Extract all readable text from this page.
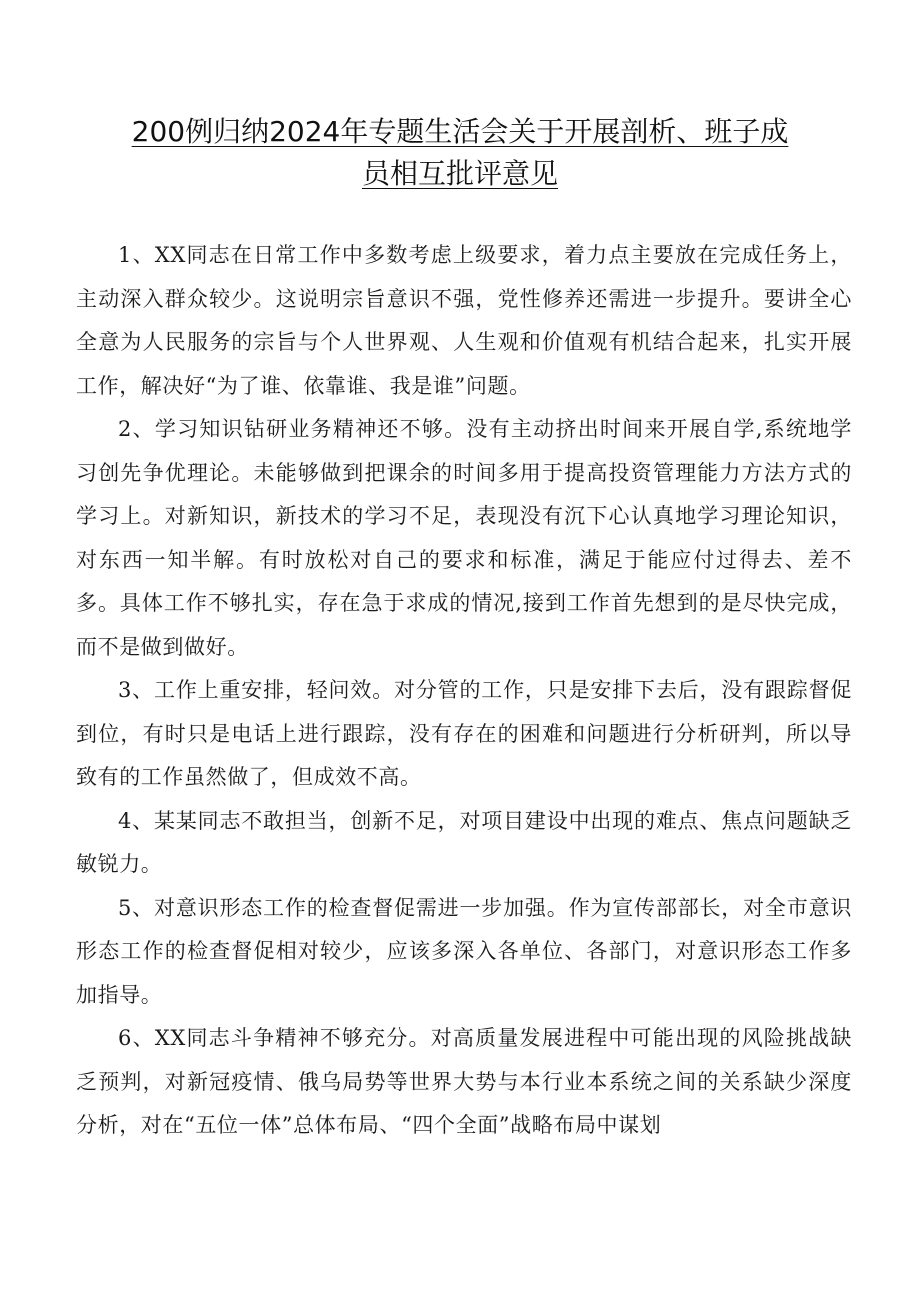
200例归纳2024年专题生活会关于开展剖析、班子成
员相互批评意见

1、XX同志在日常工作中多数考虑上级要求，着力点主要放在完成任务上，主动深入群众较少。这说明宗旨意识不强，党性修养还需进一步提升。要讲全心全意为人民服务的宗旨与个人世界观、人生观和价值观有机结合起来，扎实开展工作，解决好“为了谁、依靠谁、我是谁”问题。

2、学习知识钻研业务精神还不够。没有主动挤出时间来开展自学,系统地学习创先争优理论。未能够做到把课余的时间多用于提高投资管理能力方法方式的学习上。对新知识，新技术的学习不足，表现没有沉下心认真地学习理论知识，对东西一知半解。有时放松对自己的要求和标准，满足于能应付过得去、差不多。具体工作不够扎实，存在急于求成的情况,接到工作首先想到的是尽快完成，而不是做到做好。

3、工作上重安排，轻问效。对分管的工作，只是安排下去后，没有跟踪督促到位，有时只是电话上进行跟踪，没有存在的困难和问题进行分析研判，所以导致有的工作虽然做了，但成效不高。

4、某某同志不敢担当，创新不足，对项目建设中出现的难点、焦点问题缺乏敏锐力。

5、对意识形态工作的检查督促需进一步加强。作为宣传部部长，对全市意识形态工作的检查督促相对较少，应该多深入各单位、各部门，对意识形态工作多加指导。

6、XX同志斗争精神不够充分。对高质量发展进程中可能出现的风险挑战缺乏预判，对新冠疫情、俄乌局势等世界大势与本行业本系统之间的关系缺少深度分析，对在“五位一体”总体布局、“四个全面”战略布局中谋划
